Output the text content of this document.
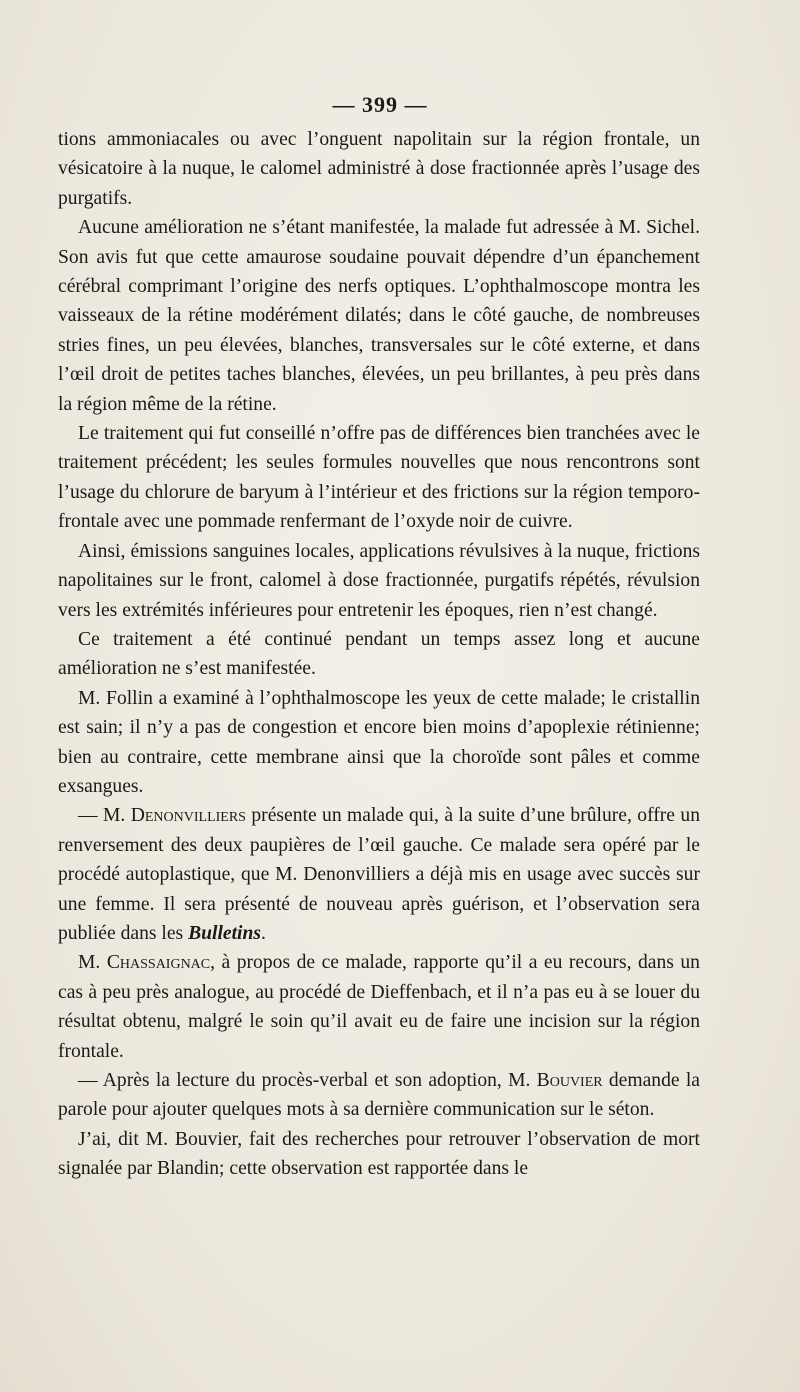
— 399 —

tions ammoniacales ou avec l’onguent napolitain sur la région frontale, un vésicatoire à la nuque, le calomel administré à dose fractionnée après l’usage des purgatifs.

Aucune amélioration ne s’étant manifestée, la malade fut adressée à M. Sichel. Son avis fut que cette amaurose soudaine pouvait dépendre d’un épanchement cérébral comprimant l’origine des nerfs optiques. L’ophthalmoscope montra les vaisseaux de la rétine modérément dilatés; dans le côté gauche, de nombreuses stries fines, un peu élevées, blanches, transversales sur le côté externe, et dans l’œil droit de petites taches blanches, élevées, un peu brillantes, à peu près dans la région même de la rétine.

Le traitement qui fut conseillé n’offre pas de différences bien tranchées avec le traitement précédent; les seules formules nouvelles que nous rencontrons sont l’usage du chlorure de baryum à l’intérieur et des frictions sur la région temporo-frontale avec une pommade renfermant de l’oxyde noir de cuivre.

Ainsi, émissions sanguines locales, applications révulsives à la nuque, frictions napolitaines sur le front, calomel à dose fractionnée, purgatifs répétés, révulsion vers les extrémités inférieures pour entretenir les époques, rien n’est changé.

Ce traitement a été continué pendant un temps assez long et aucune amélioration ne s’est manifestée.

M. Follin a examiné à l’ophthalmoscope les yeux de cette malade; le cristallin est sain; il n’y a pas de congestion et encore bien moins d’apoplexie rétinienne; bien au contraire, cette membrane ainsi que la choroïde sont pâles et comme exsangues.

— M. Denonvilliers présente un malade qui, à la suite d’une brûlure, offre un renversement des deux paupières de l’œil gauche. Ce malade sera opéré par le procédé autoplastique, que M. Denonvilliers a déjà mis en usage avec succès sur une femme. Il sera présenté de nouveau après guérison, et l’observation sera publiée dans les Bulletins.

M. Chassaignac, à propos de ce malade, rapporte qu’il a eu recours, dans un cas à peu près analogue, au procédé de Dieffenbach, et il n’a pas eu à se louer du résultat obtenu, malgré le soin qu’il avait eu de faire une incision sur la région frontale.

— Après la lecture du procès-verbal et son adoption, M. Bouvier demande la parole pour ajouter quelques mots à sa dernière communication sur le séton.

J’ai, dit M. Bouvier, fait des recherches pour retrouver l’observation de mort signalée par Blandin; cette observation est rapportée dans le
